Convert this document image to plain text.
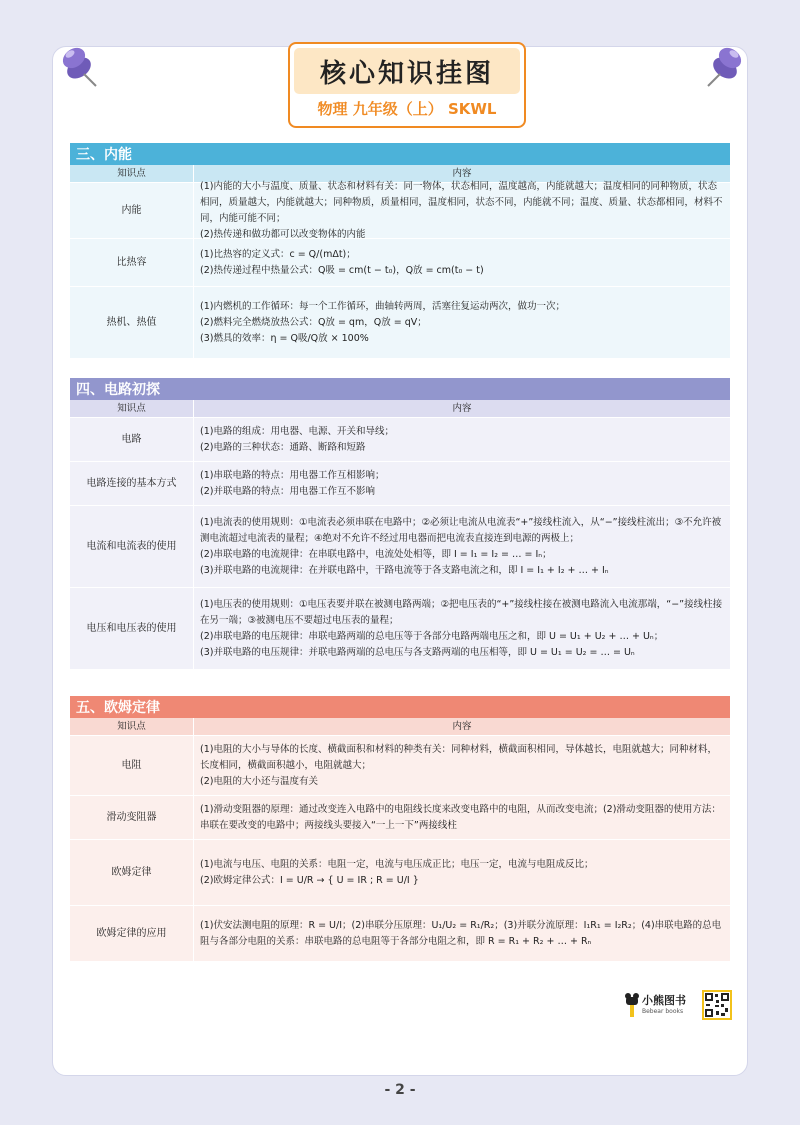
核心知识挂图
物理 九年级（上） SKWL
三、内能
知识点	内容
内能
(1)内能的大小与温度、质量、状态和材料有关：同一物体，状态相同，温度越高，内能就越大；温度相同的同种物质，状态相同，质量越大，内能就越大；同种物质，质量相同，温度相同，状态不同，内能就不同；温度、质量、状态都相同，材料不同，内能可能不同；
(2)热传递和做功都可以改变物体的内能
比热容
(1)比热容的定义式：c = Q/(mΔt)；
(2)热传递过程中热量公式：Q吸 = cm(t − t₀)，Q放 = cm(t₀ − t)
热机、热值
(1)内燃机的工作循环：每一个工作循环，曲轴转两周，活塞往复运动两次，做功一次；
(2)燃料完全燃烧放热公式：Q放 = qm，Q放 = qV；
(3)燃具的效率：η = Q吸/Q放 × 100%
四、电路初探
知识点	内容
电路
(1)电路的组成：用电器、电源、开关和导线；
(2)电路的三种状态：通路、断路和短路
电路连接的基本方式
(1)串联电路的特点：用电器工作互相影响；
(2)并联电路的特点：用电器工作互不影响
电流和电流表的使用
(1)电流表的使用规则：①电流表必须串联在电路中；②必须让电流从电流表“+”接线柱流入，从“−”接线柱流出；③不允许被测电流超过电流表的量程；④绝对不允许不经过用电器而把电流表直接连到电源的两极上；
(2)串联电路的电流规律：在串联电路中，电流处处相等，即 I = I₁ = I₂ = … = Iₙ；
(3)并联电路的电流规律：在并联电路中，干路电流等于各支路电流之和，即 I = I₁ + I₂ + … + Iₙ
电压和电压表的使用
(1)电压表的使用规则：①电压表要并联在被测电路两端；②把电压表的“+”接线柱接在被测电路流入电流那端，“−”接线柱接在另一端；③被测电压不要超过电压表的量程；
(2)串联电路的电压规律：串联电路两端的总电压等于各部分电路两端电压之和，即 U = U₁ + U₂ + … + Uₙ；
(3)并联电路的电压规律：并联电路两端的总电压与各支路两端的电压相等，即 U = U₁ = U₂ = … = Uₙ
五、欧姆定律
知识点	内容
电阻
(1)电阻的大小与导体的长度、横截面积和材料的种类有关：同种材料，横截面积相同，导体越长，电阻就越大；同种材料，长度相同，横截面积越小，电阻就越大；
(2)电阻的大小还与温度有关
滑动变阻器
(1)滑动变阻器的原理：通过改变连入电路中的电阻线长度来改变电路中的电阻，从而改变电流；(2)滑动变阻器的使用方法：串联在要改变的电路中；两接线头要接入“一上一下”两接线柱
欧姆定律
(1)电流与电压、电阻的关系：电阻一定，电流与电压成正比；电压一定，电流与电阻成反比；
(2)欧姆定律公式：I = U/R → { U = IR ; R = U/I }
欧姆定律的应用
(1)伏安法测电阻的原理：R = U/I；(2)串联分压原理：U₁/U₂ = R₁/R₂；(3)并联分流原理：I₁R₁ = I₂R₂；(4)串联电路的总电阻与各部分电阻的关系：串联电路的总电阻等于各部分电阻之和，即 R = R₁ + R₂ + … + Rₙ
小熊图书
Bebear books
- 2 -
